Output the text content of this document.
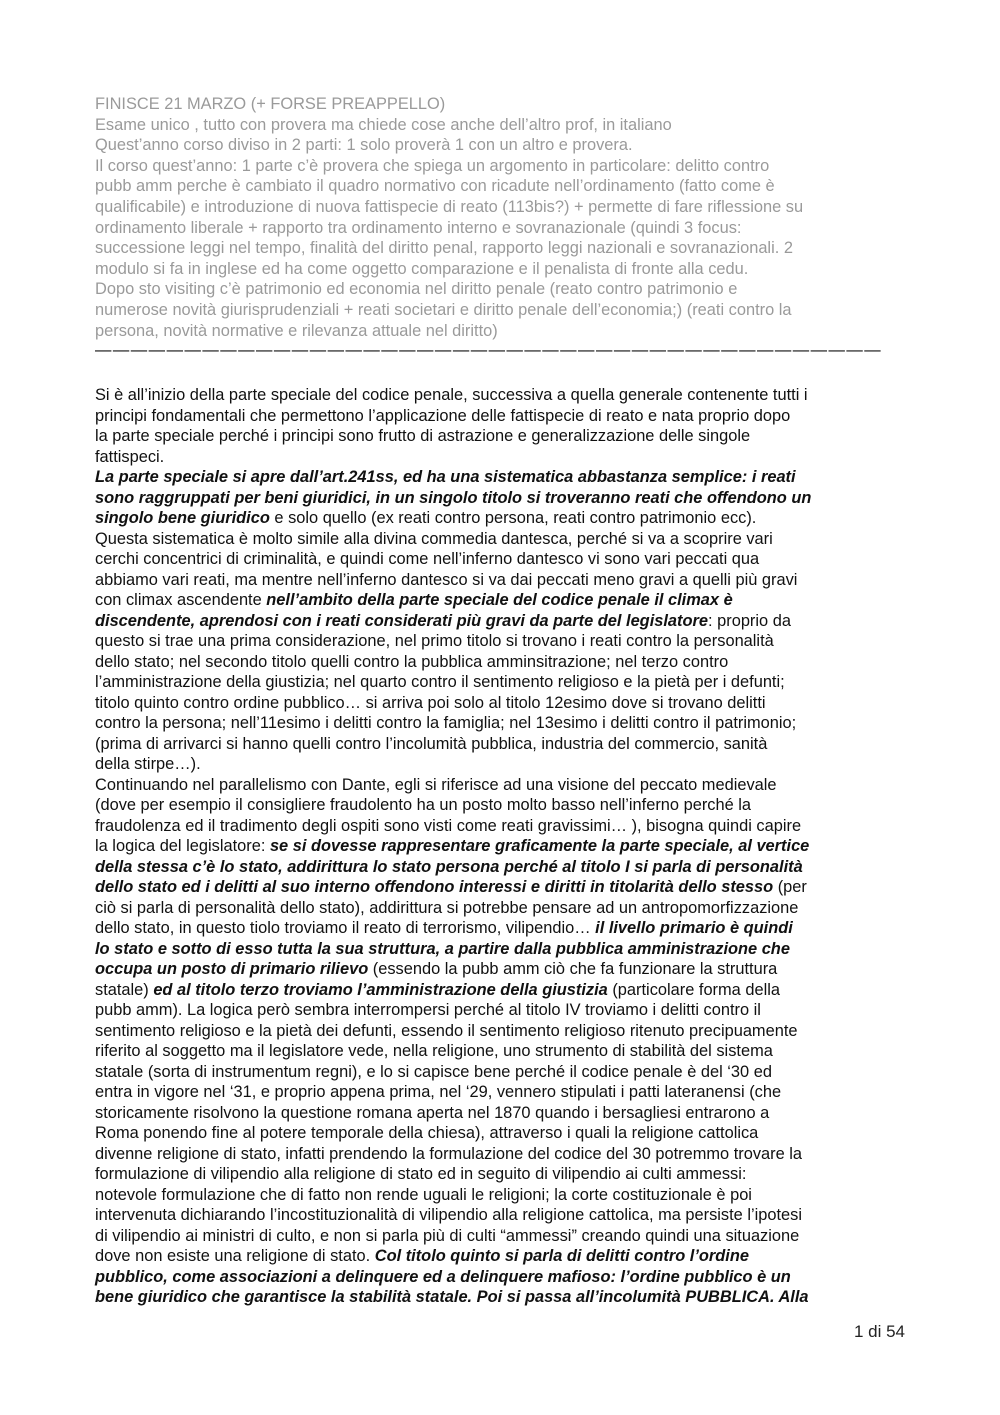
FINISCE 21 MARZO (+ FORSE PREAPPELLO)
Esame unico , tutto con provera ma chiede cose anche dell’altro prof, in italiano
Quest’anno corso diviso in 2 parti: 1 solo proverà 1 con un altro e provera.
Il corso quest’anno: 1 parte c’è provera che spiega un argomento in particolare: delitto contro
pubb amm perche è cambiato il quadro normativo con ricadute nell’ordinamento (fatto come è
qualificabile) e introduzione di nuova fattispecie di reato (113bis?) + permette di fare riflessione su
ordinamento liberale + rapporto tra ordinamento interno e sovranazionale (quindi 3 focus:
successione leggi nel tempo, finalità del diritto penal, rapporto leggi nazionali e sovranazionali. 2
modulo si fa in inglese ed ha come oggetto comparazione e il penalista di fronte alla cedu.
Dopo sto visiting c’è patrimonio ed economia nel diritto penale (reato contro patrimonio e
numerose novità giurisprudenziali + reati societari e diritto penale dell’economia;) (reati contro la
persona, novità normative e rilevanza attuale nel diritto)
————————————————————————————————————————————
Si è all’inizio della parte speciale del codice penale, successiva a quella generale contenente tutti i
principi fondamentali che permettono l’applicazione delle fattispecie di reato e nata proprio dopo
la parte speciale perché i principi sono frutto di astrazione e generalizzazione delle singole
fattispeci.
La parte speciale si apre dall’art.241ss, ed ha una sistematica abbastanza semplice: i reati
sono raggruppati per beni giuridici, in un singolo titolo si troveranno reati che offendono un
singolo bene giuridico e solo quello (ex reati contro persona, reati contro patrimonio ecc).
Questa sistematica è molto simile alla divina commedia dantesca, perché si va a scoprire vari
cerchi concentrici di criminalità, e quindi come nell’inferno dantesco vi sono vari peccati qua
abbiamo vari reati, ma mentre nell’inferno dantesco si va dai peccati meno gravi a quelli più gravi
con climax ascendente nell’ambito della parte speciale del codice penale il climax è
discendente, aprendosi con i reati considerati più gravi da parte del legislatore: proprio da
questo si trae una prima considerazione, nel primo titolo si trovano i reati contro la personalità
dello stato; nel secondo titolo quelli contro la pubblica amminsitrazione; nel terzo contro
l’amministrazione della giustizia; nel quarto contro il sentimento religioso e la pietà per i defunti;
titolo quinto contro ordine pubblico… si arriva poi solo al titolo 12esimo dove si trovano delitti
contro la persona; nell’11esimo i delitti contro la famiglia; nel 13esimo i delitti contro il patrimonio;
(prima di arrivarci si hanno quelli contro l’incolumità pubblica, industria del commercio, sanità
della stirpe…).
Continuando nel parallelismo con Dante, egli si riferisce ad una visione del peccato medievale
(dove per esempio il consigliere fraudolento ha un posto molto basso nell’inferno perché la
fraudolenza ed il tradimento degli ospiti sono visti come reati gravissimi… ), bisogna quindi capire
la logica del legislatore: se si dovesse rappresentare graficamente la parte speciale, al vertice
della stessa c’è lo stato, addirittura lo stato persona perché al titolo I si parla di personalità
dello stato ed i delitti al suo interno offendono interessi e diritti in titolarità dello stesso (per
ciò si parla di personalità dello stato), addirittura si potrebbe pensare ad un antropomorfizzazione
dello stato, in questo tiolo troviamo il reato di terrorismo, vilipendio… il livello primario è quindi
lo stato e sotto di esso tutta la sua struttura, a partire dalla pubblica amministrazione che
occupa un posto di primario rilievo (essendo la pubb amm ciò che fa funzionare la struttura
statale) ed al titolo terzo troviamo l’amministrazione della giustizia (particolare forma della
pubb amm). La logica però sembra interrompersi perché al titolo IV troviamo i delitti contro il
sentimento religioso e la pietà dei defunti, essendo il sentimento religioso ritenuto precipuamente
riferito al soggetto ma il legislatore vede, nella religione, uno strumento di stabilità del sistema
statale (sorta di instrumentum regni), e lo si capisce bene perché il codice penale è del ‘30 ed
entra in vigore nel ‘31, e proprio appena prima, nel ‘29, vennero stipulati i patti lateranensi (che
storicamente risolvono la questione romana aperta nel 1870 quando i bersagliesi entrarono a
Roma ponendo fine al potere temporale della chiesa), attraverso i quali la religione cattolica
divenne religione di stato, infatti prendendo la formulazione del codice del 30 potremmo trovare la
formulazione di vilipendio alla religione di stato ed in seguito di vilipendio ai culti ammessi:
notevole formulazione che di fatto non rende uguali le religioni; la corte costituzionale è poi
intervenuta dichiarando l’incostituzionalità di vilipendio alla religione cattolica, ma persiste l’ipotesi
di vilipendio ai ministri di culto, e non si parla più di culti “ammessi” creando quindi una situazione
dove non esiste una religione di stato. Col titolo quinto si parla di delitti contro l’ordine
pubblico, come associazioni a delinquere ed a delinquere mafioso: l’ordine pubblico è un
bene giuridico che garantisce la stabilità statale. Poi si passa all’incolumità PUBBLICA. Alla
1 di 54
